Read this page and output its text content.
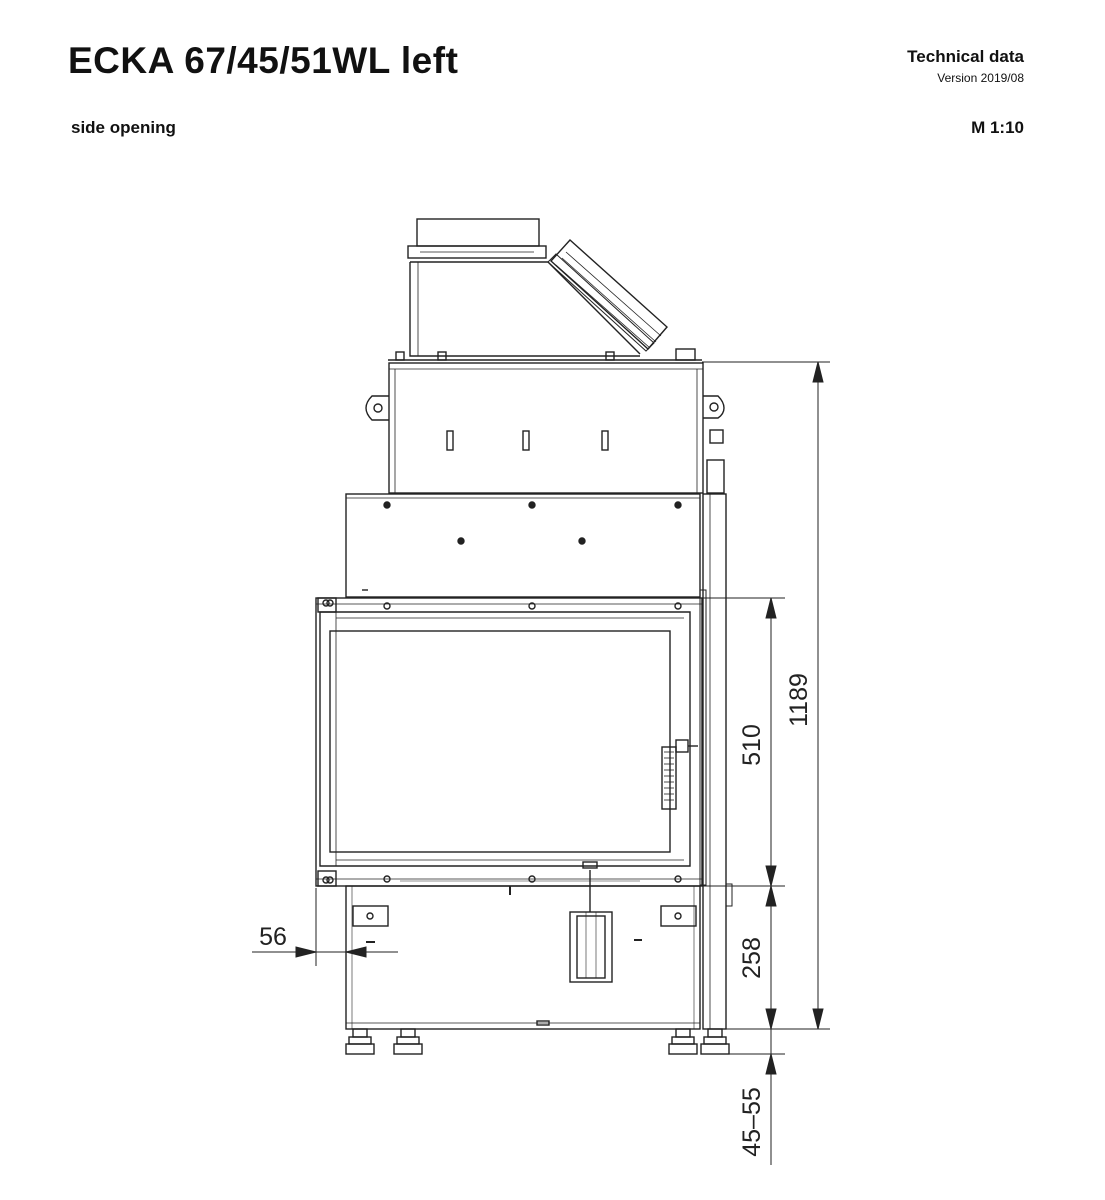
ECKA 67/45/51WL left
side opening
Technical data
Version 2019/08
M 1:10
1189
510
258
45–55
56
